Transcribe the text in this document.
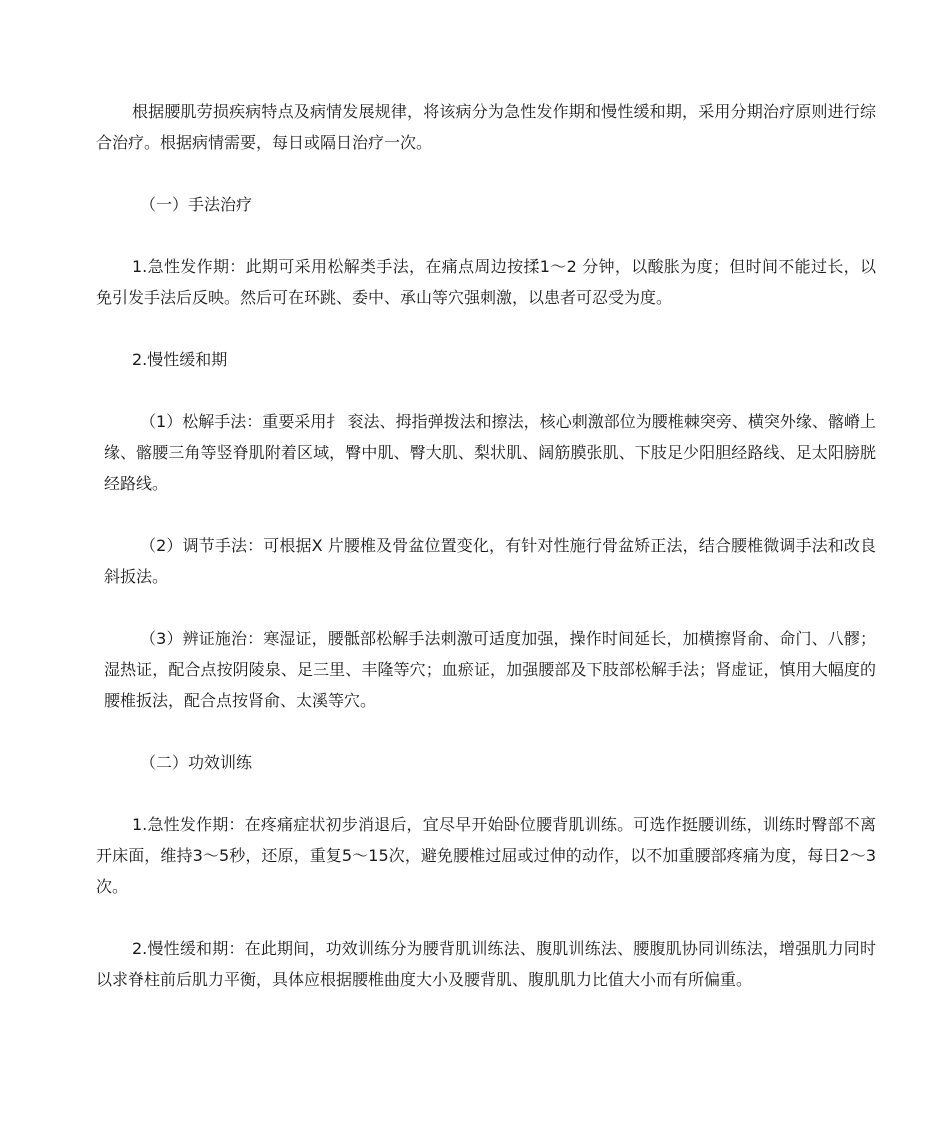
根据腰肌劳损疾病特点及病情发展规律，将该病分为急性发作期和慢性缓和期，采用分期治疗原则进行综合治疗。根据病情需要，每日或隔日治疗一次。

（一）手法治疗

1.急性发作期：此期可采用松解类手法，在痛点周边按揉1～2 分钟，以酸胀为度；但时间不能过长，以免引发手法后反映。然后可在环跳、委中、承山等穴强刺激，以患者可忍受为度。

2.慢性缓和期

（1）松解手法：重要采用扌 衮法、拇指弹拨法和擦法，核心刺激部位为腰椎棘突旁、横突外缘、髂嵴上缘、髂腰三角等竖脊肌附着区域，臀中肌、臀大肌、梨状肌、阔筋膜张肌、下肢足少阳胆经路线、足太阳膀胱经路线。

（2）调节手法：可根据X 片腰椎及骨盆位置变化，有针对性施行骨盆矫正法，结合腰椎微调手法和改良斜扳法。

（3）辨证施治：寒湿证，腰骶部松解手法刺激可适度加强，操作时间延长，加横擦肾俞、命门、八髎；湿热证，配合点按阴陵泉、足三里、丰隆等穴；血瘀证，加强腰部及下肢部松解手法；肾虚证，慎用大幅度的腰椎扳法，配合点按肾俞、太溪等穴。

（二）功效训练

1.急性发作期：在疼痛症状初步消退后，宜尽早开始卧位腰背肌训练。可选作挺腰训练，训练时臀部不离开床面，维持3～5秒，还原，重复5～15次，避免腰椎过屈或过伸的动作，以不加重腰部疼痛为度，每日2～3次。

2.慢性缓和期：在此期间，功效训练分为腰背肌训练法、腹肌训练法、腰腹肌协同训练法，增强肌力同时以求脊柱前后肌力平衡，具体应根据腰椎曲度大小及腰背肌、腹肌肌力比值大小而有所偏重。
